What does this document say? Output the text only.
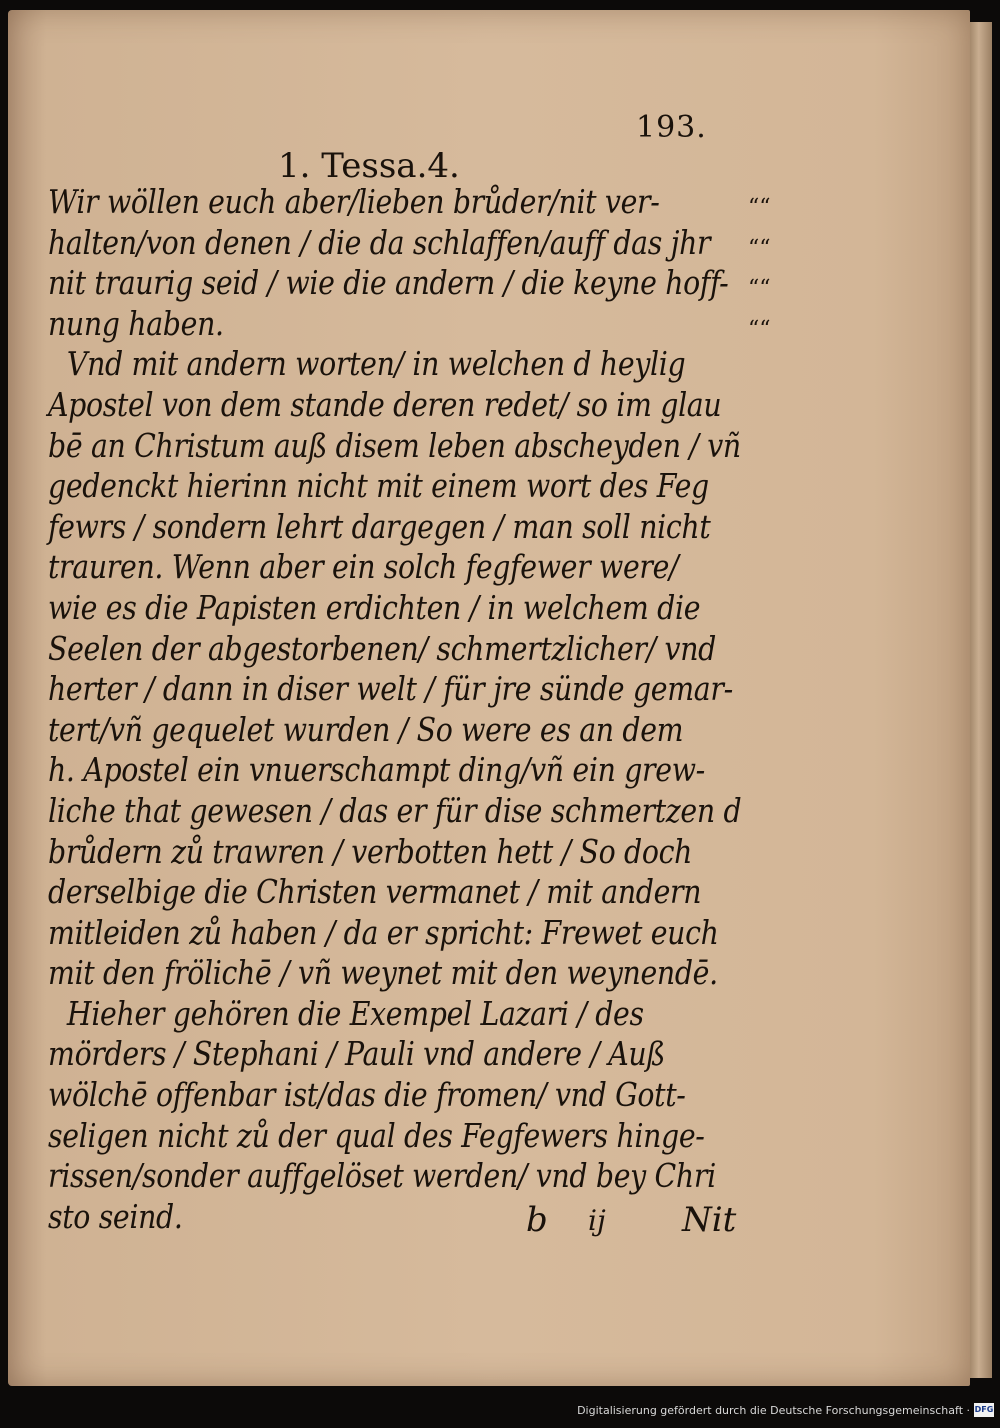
193.
1. Tessa.4.
Wir wöllen euch aber/lieben brůder/nit ver-
halten/von denen / die da schlaffen/auff das jhr
nit traurig seid / wie die andern / die keyne hoff-
nung haben.
Vnd mit andern worten/ in welchen d heylig
Apostel von dem stande deren redet/ so im glau
bē an Christum auß disem leben abscheyden / vñ
gedenckt hierinn nicht mit einem wort des Feg
fewrs / sondern lehrt dargegen / man soll nicht
trauren. Wenn aber ein solch fegfewer were/
wie es die Papisten erdichten / in welchem die
Seelen der abgestorbenen/ schmertzlicher/ vnd
herter / dann in diser welt / für jre sünde gemar-
tert/vñ gequelet wurden / So were es an dem
h. Apostel ein vnuerschampt ding/vñ ein grew-
liche that gewesen / das er für dise schmertzen d
brůdern zů trawren / verbotten hett / So doch
derselbige die Christen vermanet / mit andern
mitleiden zů haben / da er spricht: Frewet euch
mit den frölichē / vñ weynet mit den weynendē.
Hieher gehören die Exempel Lazari / des
mörders / Stephani / Pauli vnd andere / Auß
wölchē offenbar ist/das die fromen/ vnd Gott-
seligen nicht zů der qual des Fegfewers hinge-
rissen/sonder auffgelöset werden/ vnd bey Chri
sto seind.
““
““
““
““
b ij Nit
Digitalisierung gefördert durch die Deutsche Forschungsgemeinschaft · DFG
